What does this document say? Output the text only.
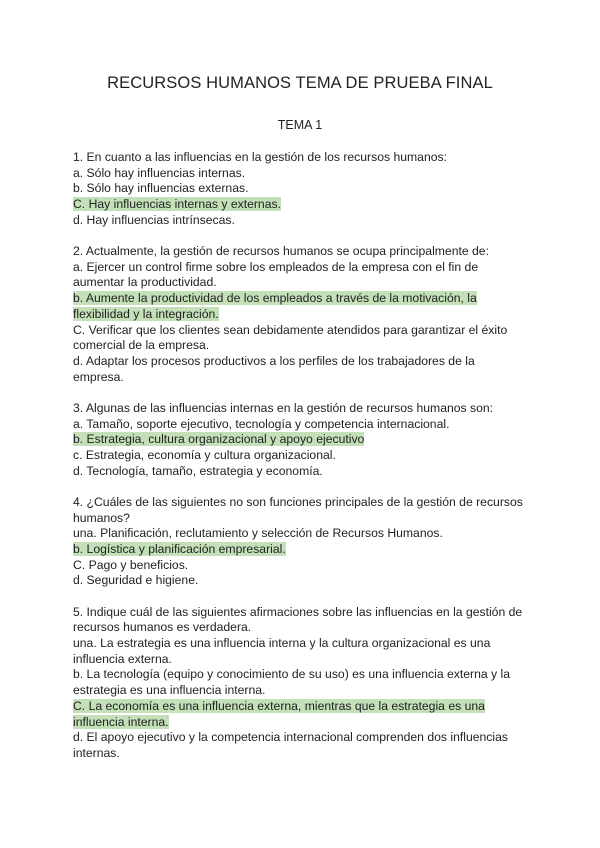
RECURSOS HUMANOS TEMA DE PRUEBA FINAL
TEMA 1
1. En cuanto a las influencias en la gestión de los recursos humanos:
a. Sólo hay influencias internas.
b. Sólo hay influencias externas.
C. Hay influencias internas y externas.
d. Hay influencias intrínsecas.
2. Actualmente, la gestión de recursos humanos se ocupa principalmente de:
a. Ejercer un control firme sobre los empleados de la empresa con el fin de
aumentar la productividad.
b. Aumente la productividad de los empleados a través de la motivación, la
flexibilidad y la integración.
C. Verificar que los clientes sean debidamente atendidos para garantizar el éxito
comercial de la empresa.
d. Adaptar los procesos productivos a los perfiles de los trabajadores de la
empresa.
3. Algunas de las influencias internas en la gestión de recursos humanos son:
a. Tamaño, soporte ejecutivo, tecnología y competencia internacional.
b. Estrategia, cultura organizacional y apoyo ejecutivo
c. Estrategia, economía y cultura organizacional.
d. Tecnología, tamaño, estrategia y economía.
4. ¿Cuáles de las siguientes no son funciones principales de la gestión de recursos
humanos?
una. Planificación, reclutamiento y selección de Recursos Humanos.
b. Logística y planificación empresarial.
C. Pago y beneficios.
d. Seguridad e higiene.
5. Indique cuál de las siguientes afirmaciones sobre las influencias en la gestión de
recursos humanos es verdadera.
una. La estrategia es una influencia interna y la cultura organizacional es una
influencia externa.
b. La tecnología (equipo y conocimiento de su uso) es una influencia externa y la
estrategia es una influencia interna.
C. La economía es una influencia externa, mientras que la estrategia es una
influencia interna.
d. El apoyo ejecutivo y la competencia internacional comprenden dos influencias
internas.
